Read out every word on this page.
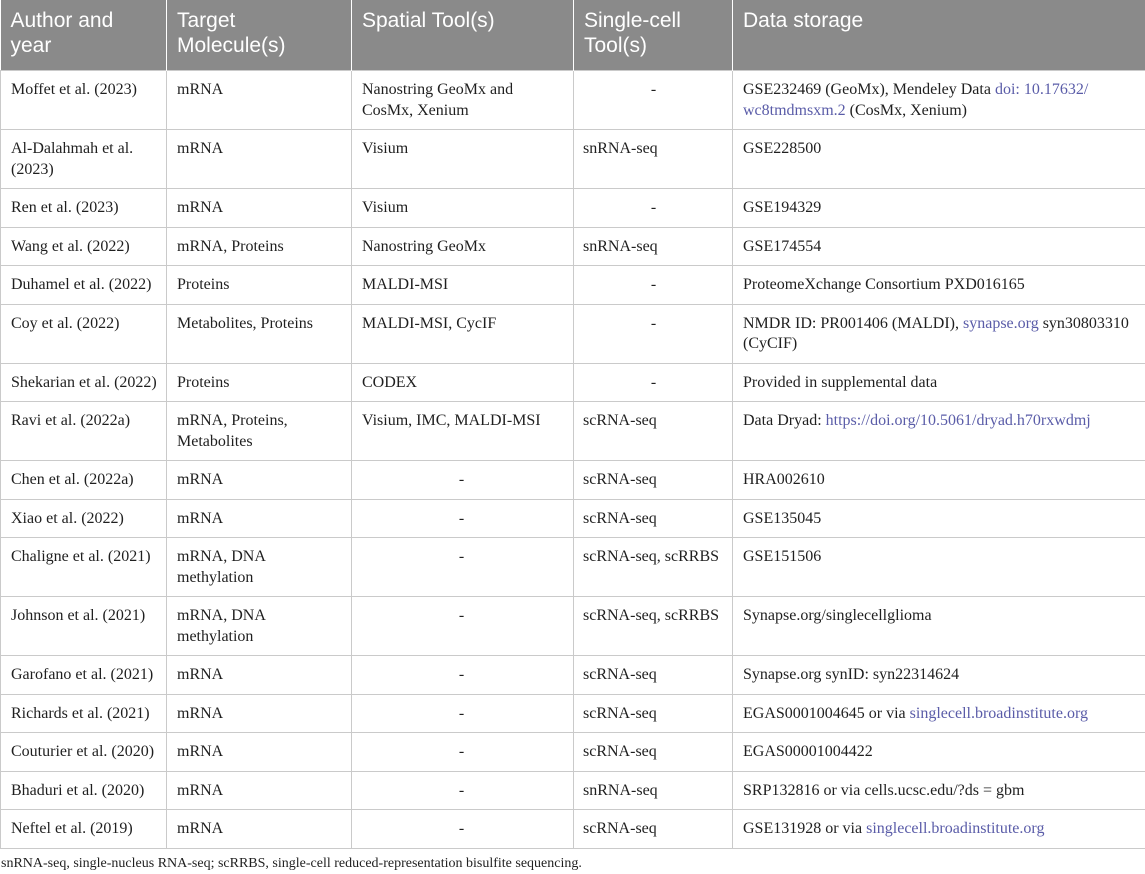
Author and year	Target Molecule(s)	Spatial Tool(s)	Single-cell Tool(s)	Data storage
Moffet et al. (2023)	mRNA	Nanostring GeoMx and CosMx, Xenium	-	GSE232469 (GeoMx), Mendeley Data doi: 10.17632/wc8tmdmsxm.2 (CosMx, Xenium)
Al-Dalahmah et al. (2023)	mRNA	Visium	snRNA-seq	GSE228500
Ren et al. (2023)	mRNA	Visium	-	GSE194329
Wang et al. (2022)	mRNA, Proteins	Nanostring GeoMx	snRNA-seq	GSE174554
Duhamel et al. (2022)	Proteins	MALDI-MSI	-	ProteomeXchange Consortium PXD016165
Coy et al. (2022)	Metabolites, Proteins	MALDI-MSI, CycIF	-	NMDR ID: PR001406 (MALDI), synapse.org syn30803310 (CyCIF)
Shekarian et al. (2022)	Proteins	CODEX	-	Provided in supplemental data
Ravi et al. (2022a)	mRNA, Proteins, Metabolites	Visium, IMC, MALDI-MSI	scRNA-seq	Data Dryad: https://doi.org/10.5061/dryad.h70rxwdmj
Chen et al. (2022a)	mRNA	-	scRNA-seq	HRA002610
Xiao et al. (2022)	mRNA	-	scRNA-seq	GSE135045
Chaligne et al. (2021)	mRNA, DNA methylation	-	scRNA-seq, scRRBS	GSE151506
Johnson et al. (2021)	mRNA, DNA methylation	-	scRNA-seq, scRRBS	Synapse.org/singlecellglioma
Garofano et al. (2021)	mRNA	-	scRNA-seq	Synapse.org synID: syn22314624
Richards et al. (2021)	mRNA	-	scRNA-seq	EGAS0001004645 or via singlecell.broadinstitute.org
Couturier et al. (2020)	mRNA	-	scRNA-seq	EGAS00001004422
Bhaduri et al. (2020)	mRNA	-	snRNA-seq	SRP132816 or via cells.ucsc.edu/?ds = gbm
Neftel et al. (2019)	mRNA	-	scRNA-seq	GSE131928 or via singlecell.broadinstitute.org
snRNA-seq, single-nucleus RNA-seq; scRRBS, single-cell reduced-representation bisulfite sequencing.
